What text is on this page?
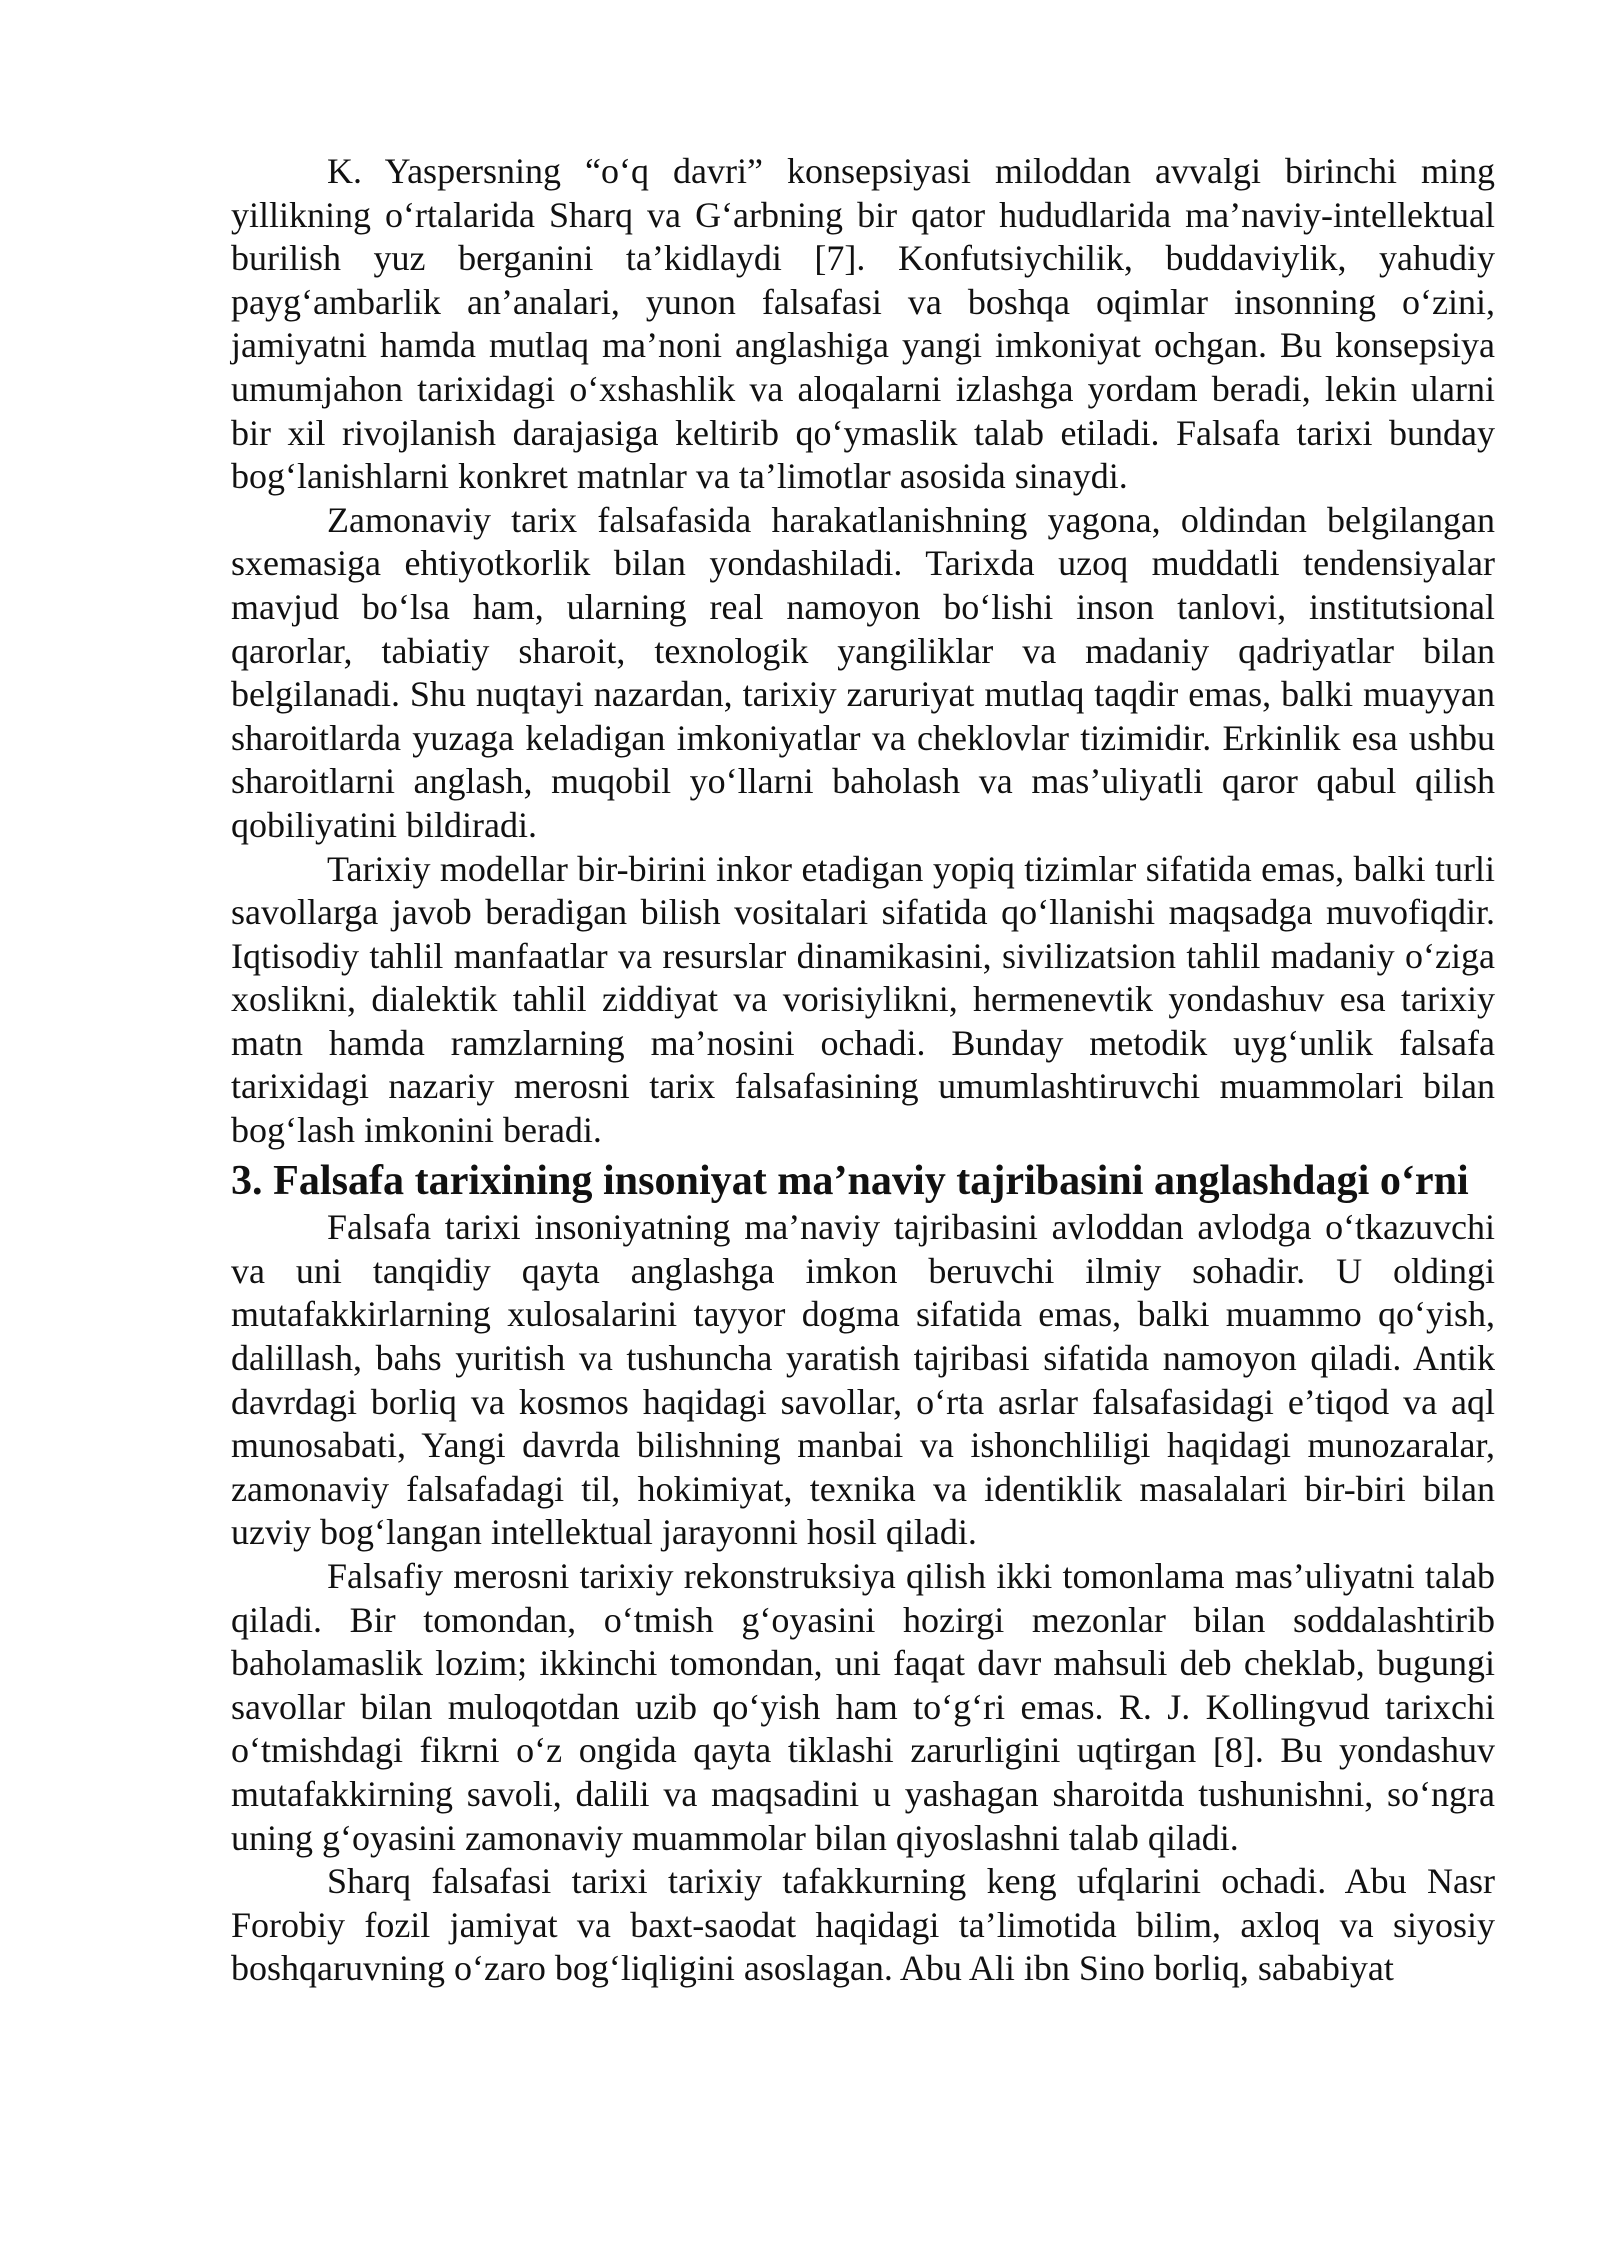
K. Yaspersning “o‘q davri” konsepsiyasi miloddan avvalgi birinchi ming yillikning o‘rtalarida Sharq va G‘arbning bir qator hududlarida ma’naviy-intellektual burilish yuz berganini ta’kidlaydi [7]. Konfutsiychilik, buddaviylik, yahudiy payg‘ambarlik an’analari, yunon falsafasi va boshqa oqimlar insonning o‘zini, jamiyatni hamda mutlaq ma’noni anglashiga yangi imkoniyat ochgan. Bu konsepsiya umumjahon tarixidagi o‘xshashlik va aloqalarni izlashga yordam beradi, lekin ularni bir xil rivojlanish darajasiga keltirib qo‘ymaslik talab etiladi. Falsafa tarixi bunday bog‘lanishlarni konkret matnlar va ta’limotlar asosida sinaydi.

Zamonaviy tarix falsafasida harakatlanishning yagona, oldindan belgilangan sxemasiga ehtiyotkorlik bilan yondashiladi. Tarixda uzoq muddatli tendensiyalar mavjud bo‘lsa ham, ularning real namoyon bo‘lishi inson tanlovi, institutsional qarorlar, tabiatiy sharoit, texnologik yangiliklar va madaniy qadriyatlar bilan belgilanadi. Shu nuqtayi nazardan, tarixiy zaruriyat mutlaq taqdir emas, balki muayyan sharoitlarda yuzaga keladigan imkoniyatlar va cheklovlar tizimidir. Erkinlik esa ushbu sharoitlarni anglash, muqobil yo‘llarni baholash va mas’uliyatli qaror qabul qilish qobiliyatini bildiradi.

Tarixiy modellar bir-birini inkor etadigan yopiq tizimlar sifatida emas, balki turli savollarga javob beradigan bilish vositalari sifatida qo‘llanishi maqsadga muvofiqdir. Iqtisodiy tahlil manfaatlar va resurslar dinamikasini, sivilizatsion tahlil madaniy o‘ziga xoslikni, dialektik tahlil ziddiyat va vorisiylikni, hermenevtik yondashuv esa tarixiy matn hamda ramzlarning ma’nosini ochadi. Bunday metodik uyg‘unlik falsafa tarixidagi nazariy merosni tarix falsafasining umumlashtiruvchi muammolari bilan bog‘lash imkonini beradi.

3. Falsafa tarixining insoniyat ma’naviy tajribasini anglashdagi o‘rni

Falsafa tarixi insoniyatning ma’naviy tajribasini avloddan avlodga o‘tkazuvchi va uni tanqidiy qayta anglashga imkon beruvchi ilmiy sohadir. U oldingi mutafakkirlarning xulosalarini tayyor dogma sifatida emas, balki muammo qo‘yish, dalillash, bahs yuritish va tushuncha yaratish tajribasi sifatida namoyon qiladi. Antik davrdagi borliq va kosmos haqidagi savollar, o‘rta asrlar falsafasidagi e’tiqod va aql munosabati, Yangi davrda bilishning manbai va ishonchliligi haqidagi munozaralar, zamonaviy falsafadagi til, hokimiyat, texnika va identiklik masalalari bir-biri bilan uzviy bog‘langan intellektual jarayonni hosil qiladi.

Falsafiy merosni tarixiy rekonstruksiya qilish ikki tomonlama mas’uliyatni talab qiladi. Bir tomondan, o‘tmish g‘oyasini hozirgi mezonlar bilan soddalashtirib baholamaslik lozim; ikkinchi tomondan, uni faqat davr mahsuli deb cheklab, bugungi savollar bilan muloqotdan uzib qo‘yish ham to‘g‘ri emas. R. J. Kollingvud tarixchi o‘tmishdagi fikrni o‘z ongida qayta tiklashi zarurligini uqtirgan [8]. Bu yondashuv mutafakkirning savoli, dalili va maqsadini u yashagan sharoitda tushunishni, so‘ngra uning g‘oyasini zamonaviy muammolar bilan qiyoslashni talab qiladi.

Sharq falsafasi tarixi tarixiy tafakkurning keng ufqlarini ochadi. Abu Nasr Forobiy fozil jamiyat va baxt-saodat haqidagi ta’limotida bilim, axloq va siyosiy boshqaruvning o‘zaro bog‘liqligini asoslagan. Abu Ali ibn Sino borliq, sababiyat
